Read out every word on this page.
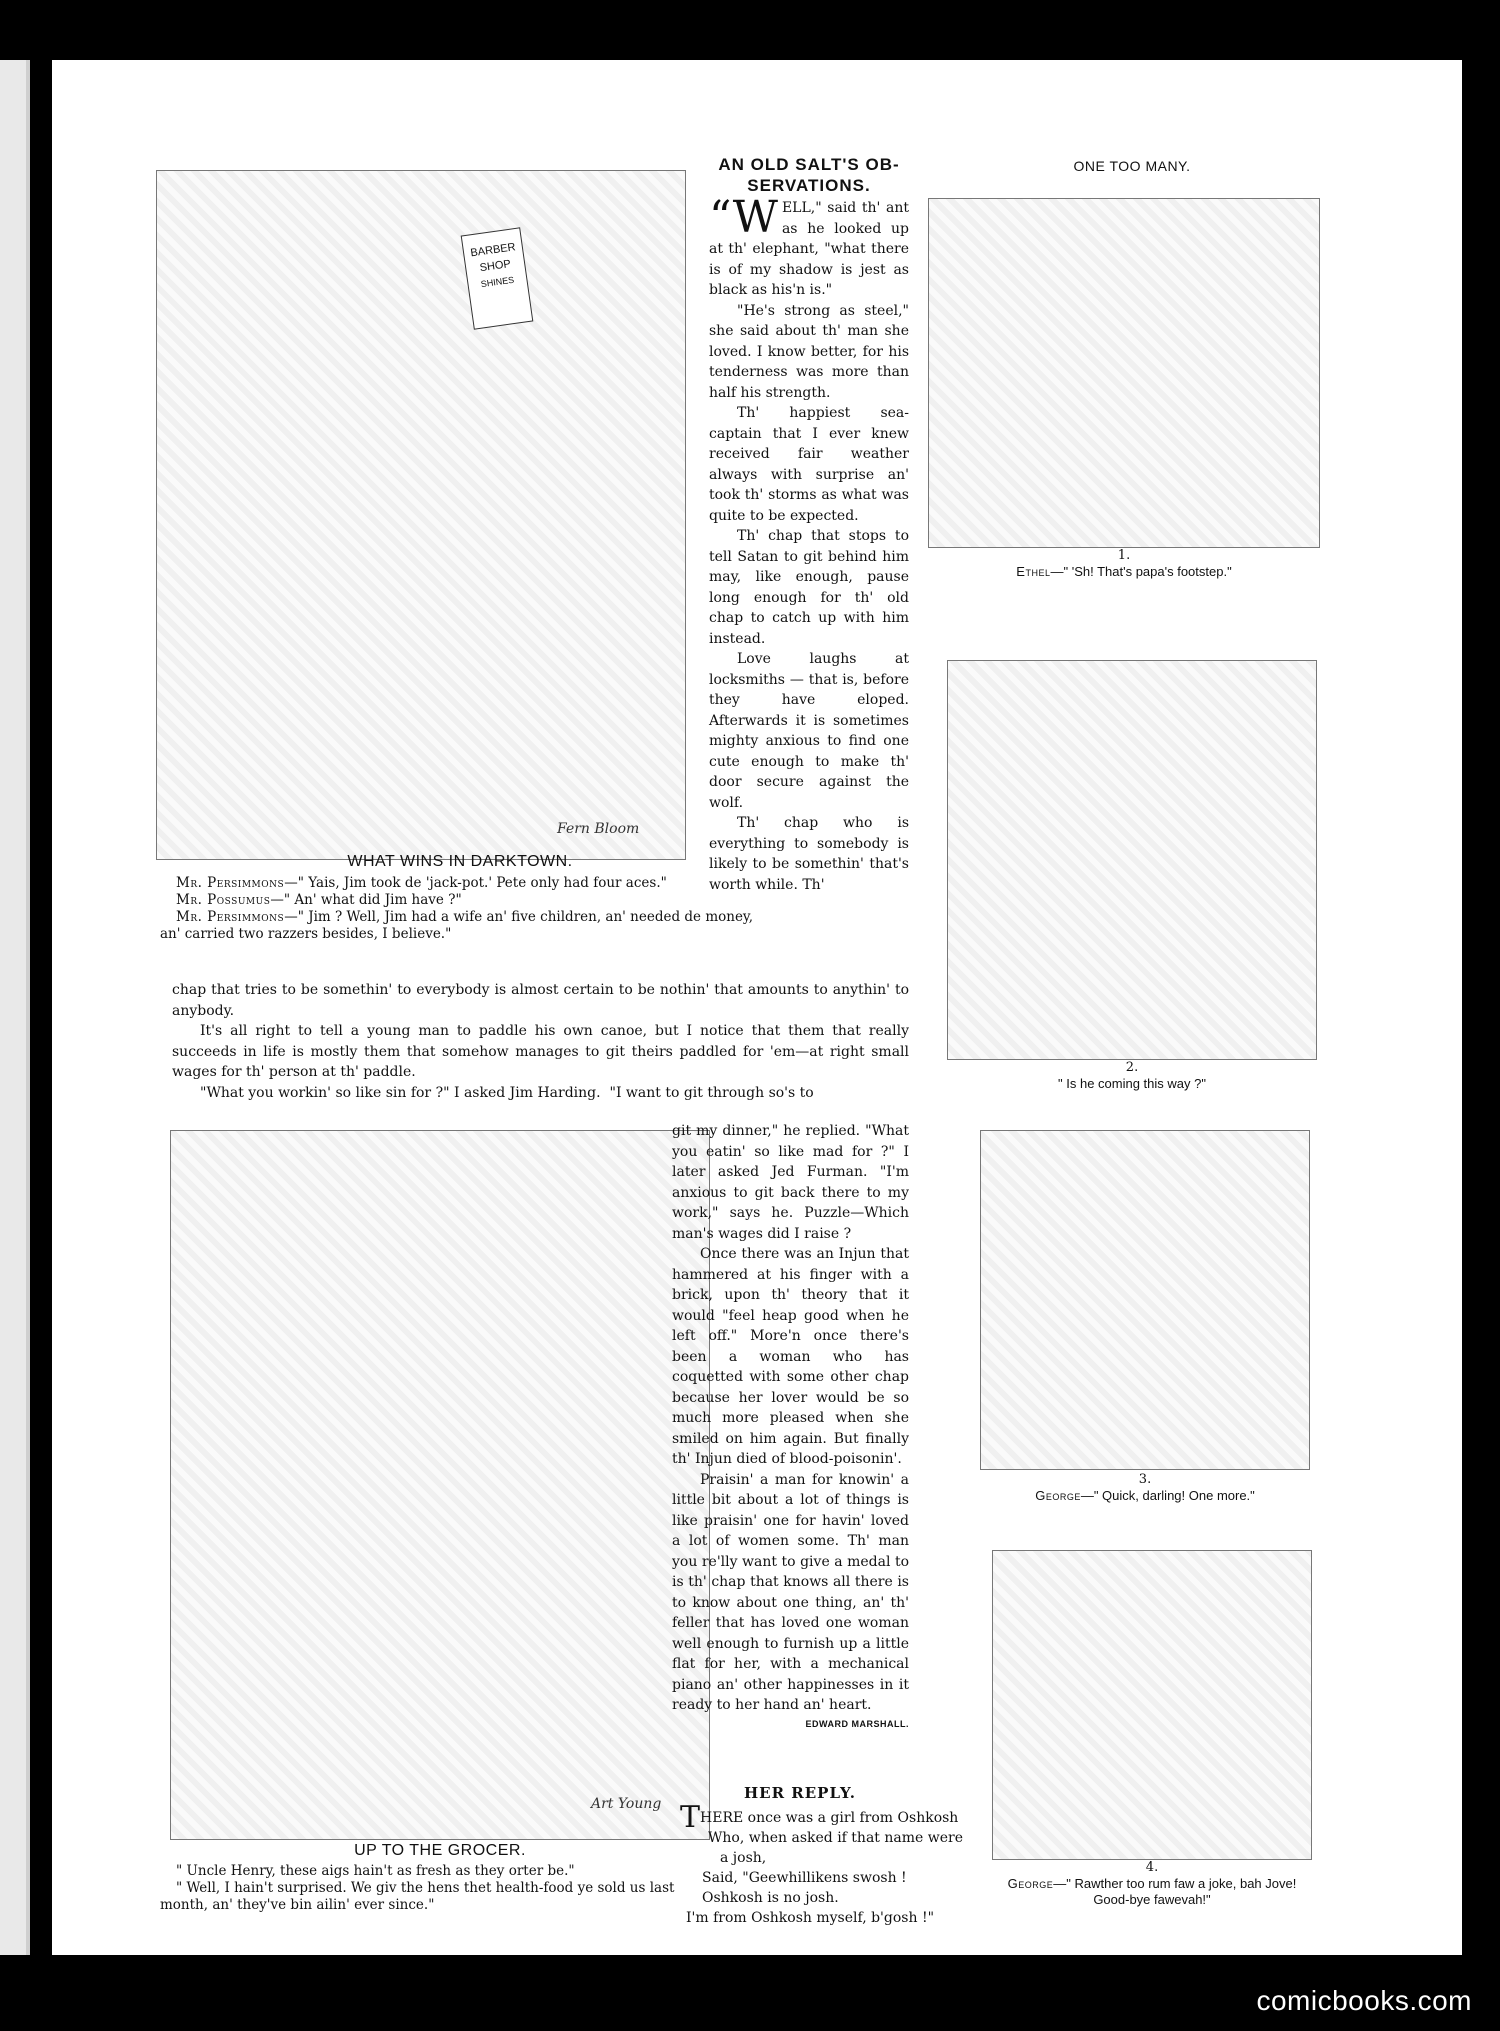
BARBER
SHOP
SHINES
Fern Bloom
WHAT WINS IN DARKTOWN.

Mr. Persimmons—" Yais, Jim took de 'jack-pot.' Pete only had four aces."

Mr. Possumus—" An' what did Jim have ?"

Mr. Persimmons—" Jim ? Well, Jim had a wife an' five children, an' needed de money, an' carried two razzers besides, I believe."

AN OLD SALT'S OB-
SERVATIONS.

“WELL," said th' ant as he looked up at th' elephant, "what there is of my shadow is jest as black as his'n is."

"He's strong as steel," she said about th' man she loved. I know better, for his tenderness was more than half his strength.

Th' happiest sea-captain that I ever knew received fair weather always with surprise an' took th' storms as what was quite to be expected.

Th' chap that stops to tell Satan to git behind him may, like enough, pause long enough for th' old chap to catch up with him instead.

Love laughs at locksmiths — that is, before they have eloped. Afterwards it is sometimes mighty anxious to find one cute enough to make th' door secure against the wolf.

Th' chap who is everything to somebody is likely to be somethin' that's worth while. Th'

chap that tries to be somethin' to everybody is almost certain to be nothin' that amounts to anythin' to anybody.

It's all right to tell a young man to paddle his own canoe, but I notice that them that really succeeds in life is mostly them that somehow manages to git theirs paddled for 'em—at right small wages for th' person at th' paddle.

"What you workin' so like sin for ?" I asked Jim Harding. "I want to git through so's to

Art Young
UP TO THE GROCER.

" Uncle Henry, these aigs hain't as fresh as they orter be."

" Well, I hain't surprised. We giv the hens thet health-food ye sold us last month, an' they've bin ailin' ever since."

git my dinner," he replied. "What you eatin' so like mad for ?" I later asked Jed Furman. "I'm anxious to git back there to my work," says he. Puzzle—Which man's wages did I raise ?

Once there was an Injun that hammered at his finger with a brick, upon th' theory that it would "feel heap good when he left off." More'n once there's been a woman who has coquetted with some other chap because her lover would be so much more pleased when she smiled on him again. But finally th' Injun died of blood-poisonin'.

Praisin' a man for knowin' a little bit about a lot of things is like praisin' one for havin' loved a lot of women some. Th' man you re'lly want to give a medal to is th' chap that knows all there is to know about one thing, an' th' feller that has loved one woman well enough to furnish up a little flat for her, with a mechanical piano an' other happinesses in it ready to her hand an' heart.

EDWARD MARSHALL.
HER REPLY.
THERE once was a girl from Oshkosh
Who, when asked if that name were
a josh,
Said, "Geewhillikens swosh !
Oshkosh is no josh.
I'm from Oshkosh myself, b'gosh !"
ONE TOO MANY.
1.
Ethel—" 'Sh! That's papa's footstep."
2.
" Is he coming this way ?"
3.
George—" Quick, darling! One more."
4.
George—" Rawther too rum faw a joke, bah Jove! Good-bye fawevah!"
comicbooks.com
